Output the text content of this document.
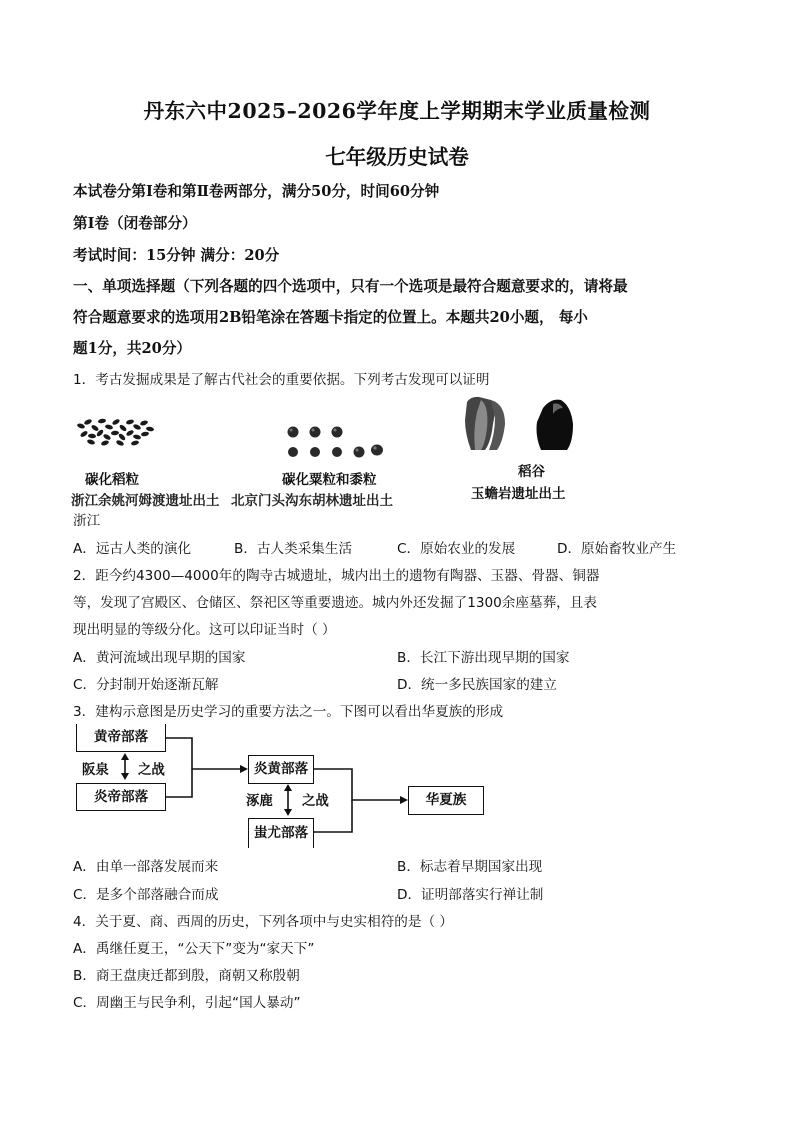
丹东六中2025–2026学年度上学期期末学业质量检测
七年级历史试卷
本试卷分第Ⅰ卷和第Ⅱ卷两部分，满分50分，时间60分钟
第Ⅰ卷（闭卷部分）
考试时间：15分钟 满分：20分
一、单项选择题（下列各题的四个选项中，只有一个选项是最符合题意要求的，请将最
符合题意要求的选项用2B铅笔涂在答题卡指定的位置上。本题共20小题， 每小
题1分，共20分）
1．考古发掘成果是了解古代社会的重要依据。下列考古发现可以证明
碳化稻粒
浙江余姚河姆渡遗址出土
碳化粟粒和黍粒
北京门头沟东胡林遗址出土
稻谷
玉蟾岩遗址出土
浙江
A．远古人类的演化	B．古人类采集生活	C．原始农业的发展	D．原始畜牧业产生
2．距今约4300—4000年的陶寺古城遗址，城内出土的遗物有陶器、玉器、骨器、铜器
等，发现了宫殿区、仓储区、祭祀区等重要遗迹。城内外还发掘了1300余座墓葬，且表
现出明显的等级分化。这可以印证当时（ ）
A．黄河流域出现早期的国家	B．长江下游出现早期的国家
C．分封制开始逐渐瓦解	D．统一多民族国家的建立
3．建构示意图是历史学习的重要方法之一。下图可以看出华夏族的形成
黄帝部落
阪泉 之战
炎帝部落
炎黄部落
涿鹿 之战
蚩尤部落
华夏族
A．由单一部落发展而来	B．标志着早期国家出现
C．是多个部落融合而成	D．证明部落实行禅让制
4．关于夏、商、西周的历史，下列各项中与史实相符的是（ ）
A．禹继任夏王，“公天下”变为“家天下”
B．商王盘庚迁都到殷，商朝又称殷朝
C．周幽王与民争利，引起“国人暴动”
